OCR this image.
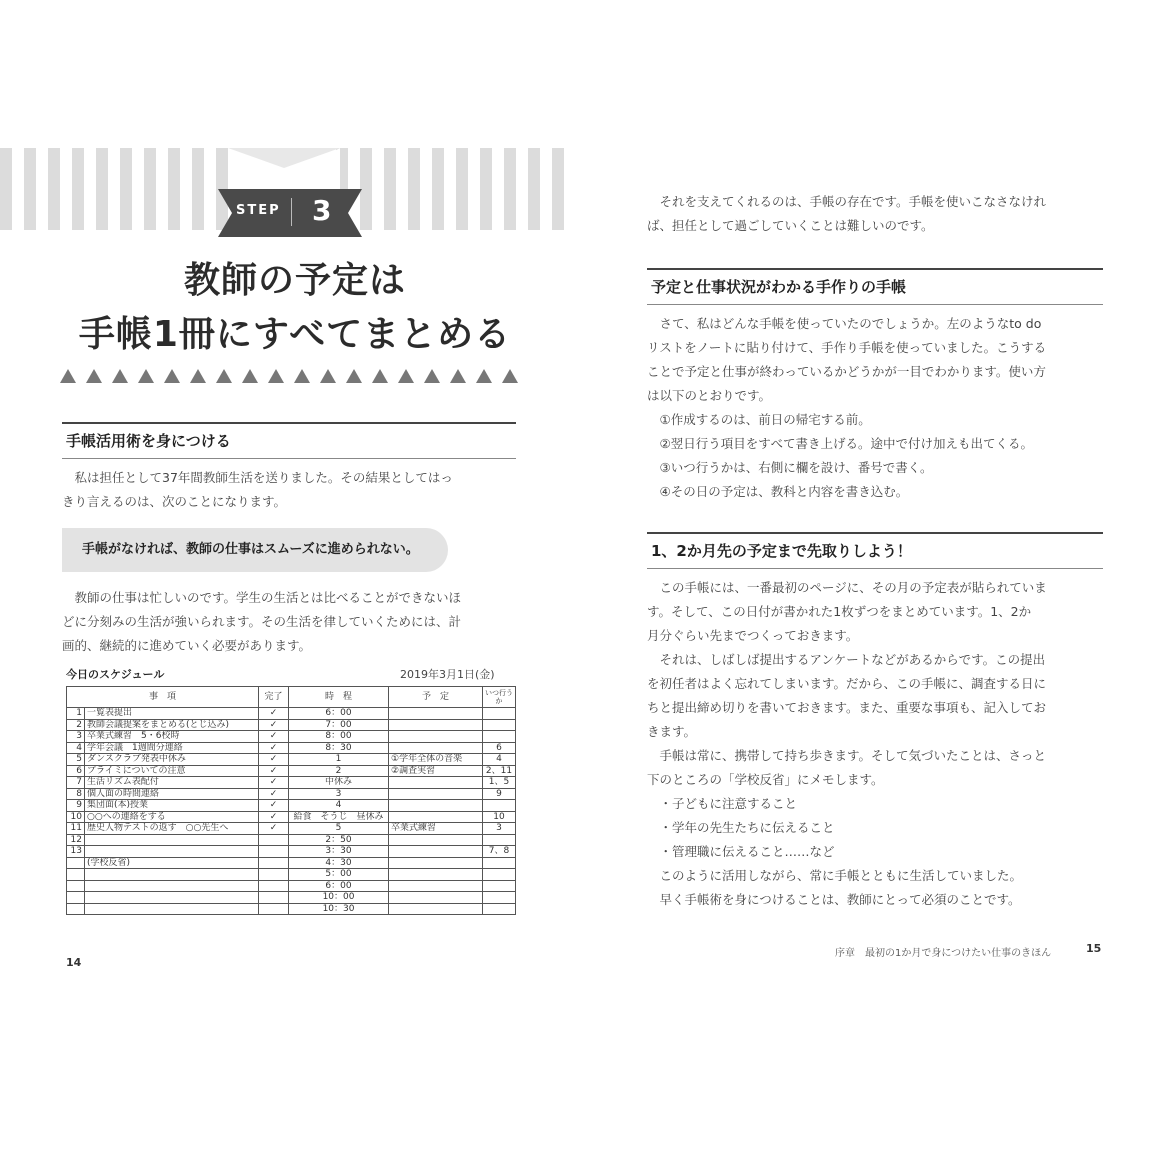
STEP 3
教師の予定は
手帳1冊にすべてまとめる
手帳活用術を身につける

　私は担任として37年間教師生活を送りました。その結果としてはっ

きり言えるのは、次のことになります。

手帳がなければ、教師の仕事はスムーズに進められない。

　教師の仕事は忙しいのです。学生の生活とは比べることができないほ

どに分刻みの生活が強いられます。その生活を律していくためには、計

画的、継続的に進めていく必要があります。

今日のスケジュール	2019年3月1日(金)
事　項		完了	時　程	予　定	いつ行うか
1	一覧表提出	✓	6：00		
2	教師会議提案をまとめる(とじ込み)	✓	7：00		
3	卒業式練習　5・6校時	✓	8：00		
4	学年会議　1週間分連絡	✓	8：30		6
5	ダンスクラブ発表中休み	✓	1	①学年全体の音楽	4
6	プライミについての注意	✓	2	②調査実習	2、11
7	生活リズム表配付	✓	中休み		1、5
8	個人面の時間連絡	✓	3		9
9	集団面(本)授業	✓	4		
10	○○への連絡をする	✓	給食　そうじ　昼休み		10
11	歴史人物テストの返す　○○先生へ	✓	5	卒業式練習	3
12			2：50		
13			3：30		7、8
	(学校反省)		4：30		
			5：00		
			6：00		
			10：00		
			10：30		
14

　それを支えてくれるのは、手帳の存在です。手帳を使いこなさなけれ

ば、担任として過ごしていくことは難しいのです。

予定と仕事状況がわかる手作りの手帳

　さて、私はどんな手帳を使っていたのでしょうか。左のようなto do

リストをノートに貼り付けて、手作り手帳を使っていました。こうする

ことで予定と仕事が終わっているかどうかが一目でわかります。使い方

は以下のとおりです。

　①作成するのは、前日の帰宅する前。

　②翌日行う項目をすべて書き上げる。途中で付け加えも出てくる。

　③いつ行うかは、右側に欄を設け、番号で書く。

　④その日の予定は、教科と内容を書き込む。

1、2か月先の予定まで先取りしよう！

　この手帳には、一番最初のページに、その月の予定表が貼られていま

す。そして、この日付が書かれた1枚ずつをまとめています。1、2か

月分ぐらい先までつくっておきます。

　それは、しばしば提出するアンケートなどがあるからです。この提出

を初任者はよく忘れてしまいます。だから、この手帳に、調査する日に

ちと提出締め切りを書いておきます。また、重要な事項も、記入してお

きます。

　手帳は常に、携帯して持ち歩きます。そして気づいたことは、さっと

下のところの「学校反省」にメモします。

　・子どもに注意すること

　・学年の先生たちに伝えること

　・管理職に伝えること……など

　このように活用しながら、常に手帳とともに生活していました。

　早く手帳術を身につけることは、教師にとって必須のことです。

序章　最初の1か月で身につけたい仕事のきほん	15
